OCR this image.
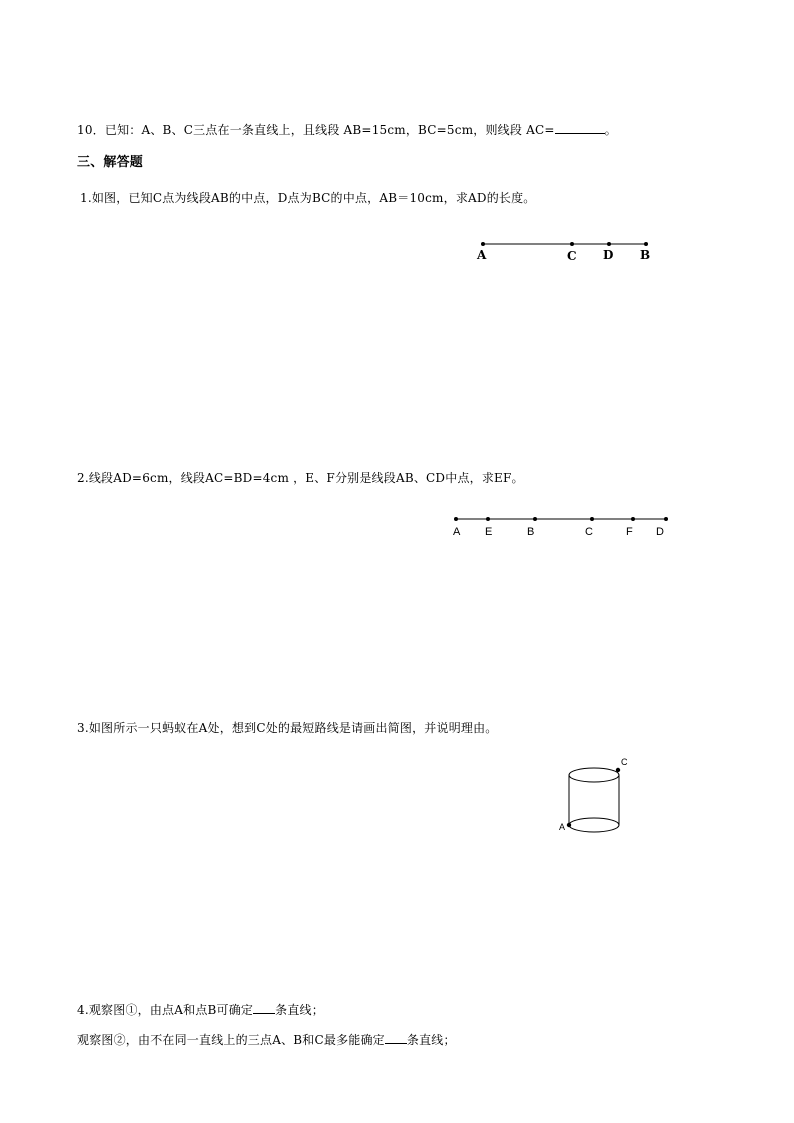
10．已知：A、B、C三点在一条直线上，且线段 AB=15cm，BC=5cm，则线段 AC=	。
三、解答题
1.如图，已知C点为线段AB的中点，D点为BC的中点，AB＝10cm，求AD的长度。
A	C D B
2.线段AD=6cm，线段AC=BD=4cm ，E、F分别是线段AB、CD中点，求EF。
A E	B	C	F D
3.如图所示一只蚂蚁在A处，想到C处的最短路线是请画出简图，并说明理由。
A
C
4.观察图①，由点A和点B可确定 条直线；
观察图②，由不在同一直线上的三点A、B和C最多能确定 条直线；
